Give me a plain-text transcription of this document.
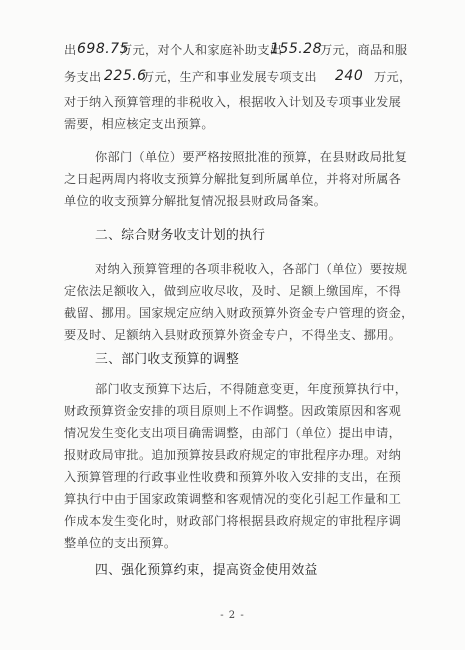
出 698.75
万元，对个人和家庭补助支出
155.28
万元，商品和服
务支出 225.6
万元，生产和事业发展专项支出 240 万元，
对于纳入预算管理的非税收入，根据收入计划及专项事业发展
需要，相应核定支出预算。
你部门（单位）要严格按照批准的预算，在县财政局批复
之日起两周内将收支预算分解批复到所属单位，并将对所属各
单位的收支预算分解批复情况报县财政局备案。
二、综合财务收支计划的执行
对纳入预算管理的各项非税收入，各部门（单位）要按规
定依法足额收入，做到应收尽收，及时、足额上缴国库，不得
截留、挪用。国家规定应纳入财政预算外资金专户管理的资金，
要及时、足额纳入县财政预算外资金专户，不得坐支、挪用。
三、部门收支预算的调整
部门收支预算下达后，不得随意变更，年度预算执行中，
财政预算资金安排的项目原则上不作调整。因政策原因和客观
情况发生变化支出项目确需调整，由部门（单位）提出申请，
报财政局审批。追加预算按县政府规定的审批程序办理。对纳
入预算管理的行政事业性收费和预算外收入安排的支出，在预
算执行中由于国家政策调整和客观情况的变化引起工作量和工
作成本发生变化时，财政部门将根据县政府规定的审批程序调
整单位的支出预算。
四、强化预算约束，提高资金使用效益
- 2 -
